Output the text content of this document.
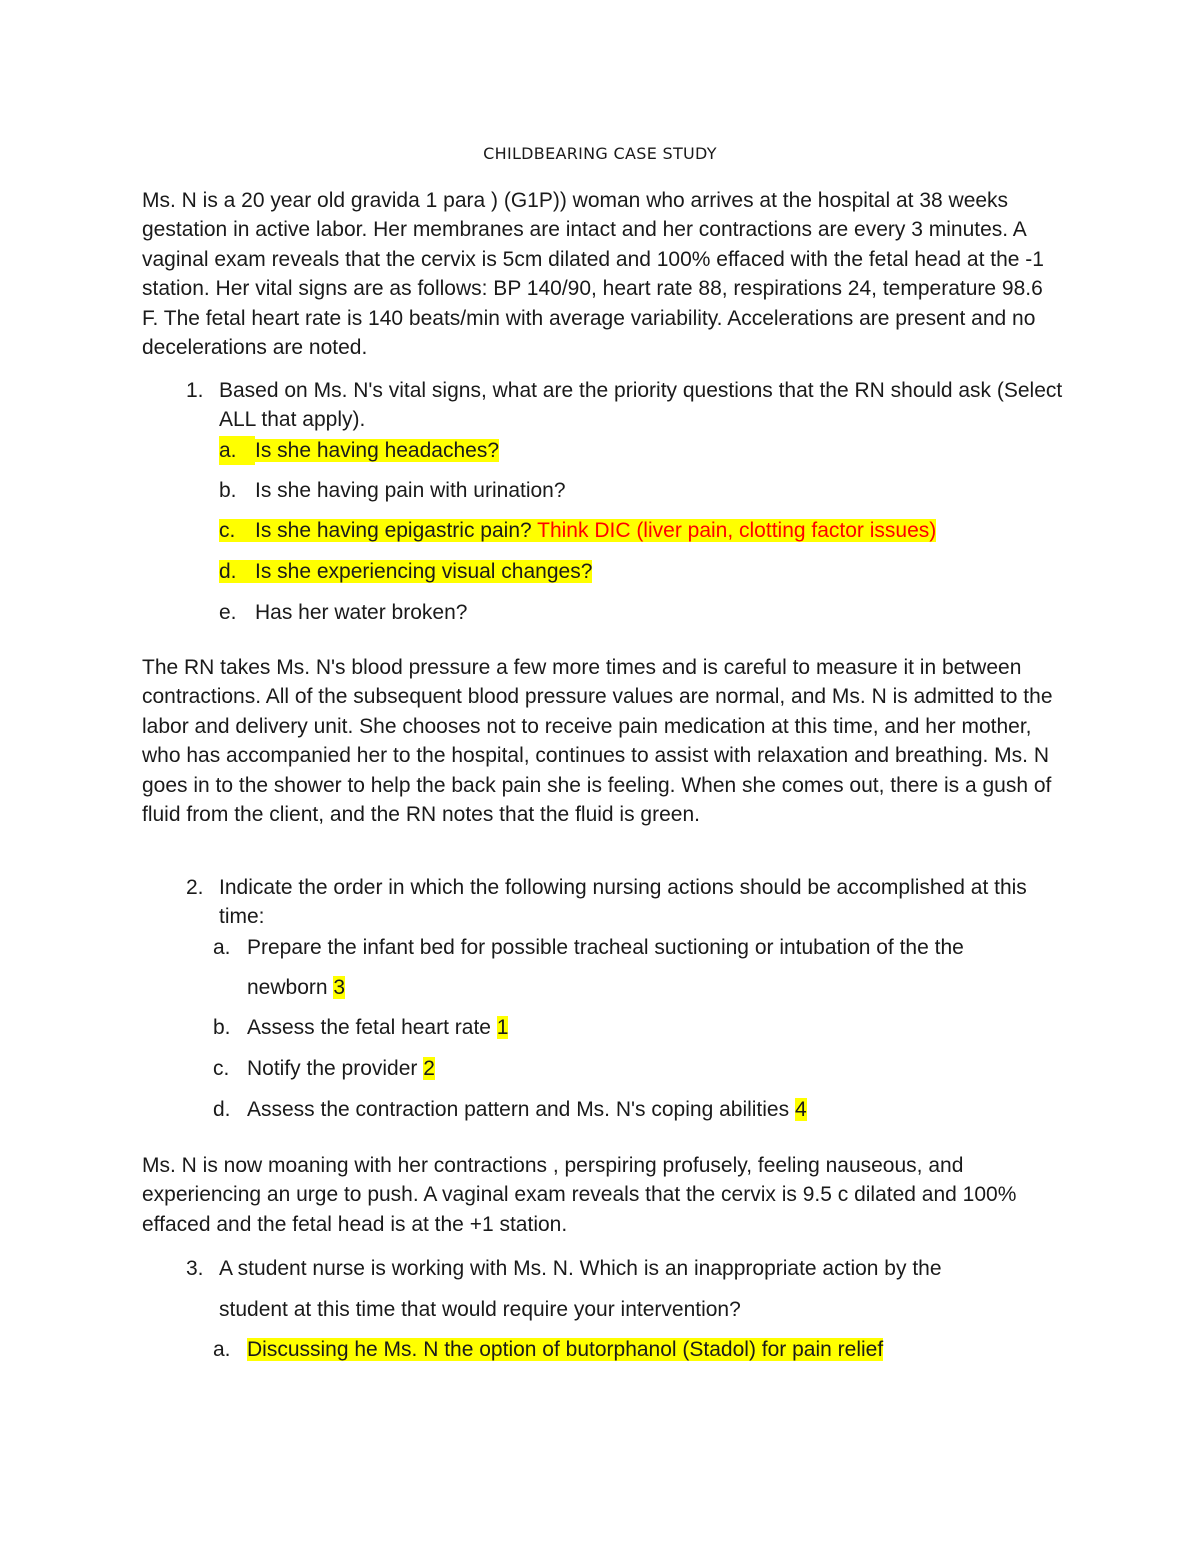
CHILDBEARING CASE STUDY

Ms. N is a 20 year old gravida 1 para ) (G1P)) woman who arrives at the hospital at 38 weeks gestation in active labor. Her membranes are intact and her contractions are every 3 minutes. A vaginal exam reveals that the cervix is 5cm dilated and 100% effaced with the fetal head at the -1 station. Her vital signs are as follows: BP 140/90, heart rate 88, respirations 24, temperature 98.6 F. The fetal heart rate is 140 beats/min with average variability. Accelerations are present and no decelerations are noted.

1. Based on Ms. N's vital signs, what are the priority questions that the RN should ask (Select ALL that apply).
a. Is she having headaches?
b. Is she having pain with urination?
c. Is she having epigastric pain? Think DIC (liver pain, clotting factor issues)
d. Is she experiencing visual changes?
e. Has her water broken?

The RN takes Ms. N's blood pressure a few more times and is careful to measure it in between contractions. All of the subsequent blood pressure values are normal, and Ms. N is admitted to the labor and delivery unit. She chooses not to receive pain medication at this time, and her mother, who has accompanied her to the hospital, continues to assist with relaxation and breathing. Ms. N goes in to the shower to help the back pain she is feeling. When she comes out, there is a gush of fluid from the client, and the RN notes that the fluid is green.

2. Indicate the order in which the following nursing actions should be accomplished at this time:
a. Prepare the infant bed for possible tracheal suctioning or intubation of the the
newborn 3
b. Assess the fetal heart rate 1
c. Notify the provider 2
d. Assess the contraction pattern and Ms. N's coping abilities 4

Ms. N is now moaning with her contractions , perspiring profusely, feeling nauseous, and experiencing an urge to push. A vaginal exam reveals that the cervix is 9.5 c dilated and 100% effaced and the fetal head is at the +1 station.

3. A student nurse is working with Ms. N. Which is an inappropriate action by the
student at this time that would require your intervention?
a. Discussing he Ms. N the option of butorphanol (Stadol) for pain relief
